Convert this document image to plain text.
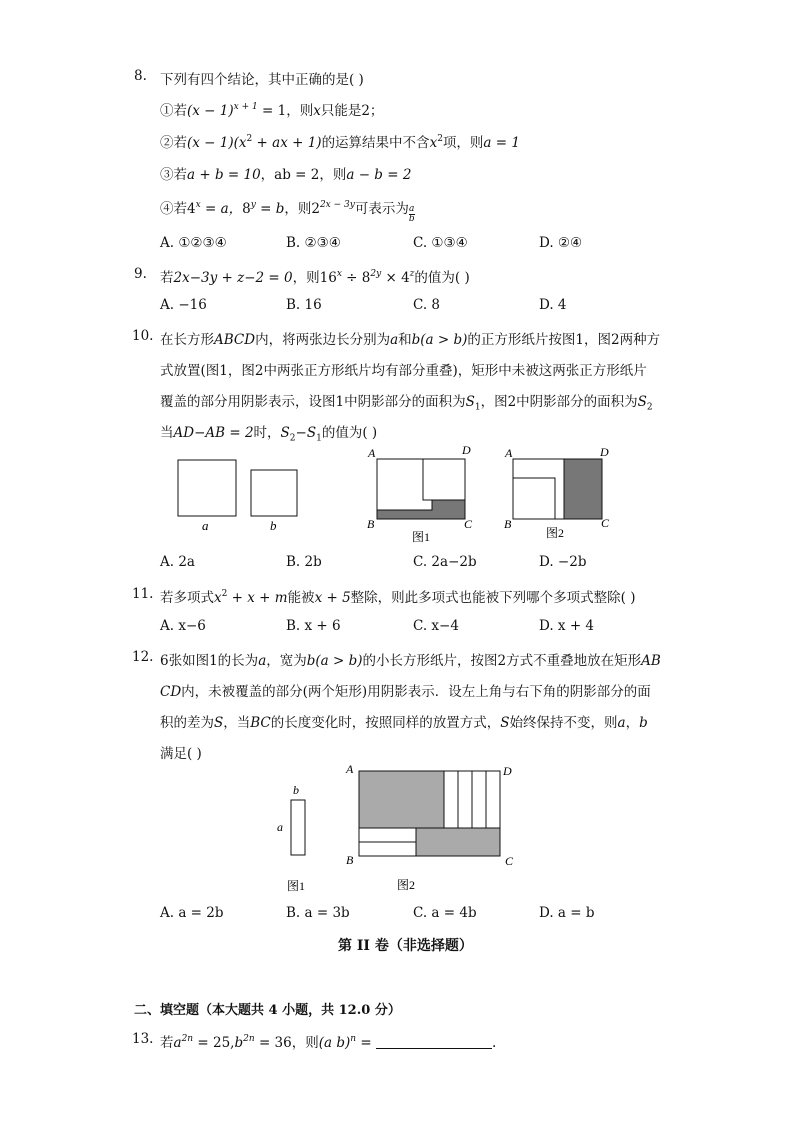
8. 下列有四个结论，其中正确的是( )
①若$(x - 1)^{x + 1} = 1$，则x只能是2；
②若$(x - 1)(x^2$ + ax + 1)的运算结果中不含$x^2$项，则a = 1
③若a + b = 10，ab = 2，则a − b = 2
④若$4^x = a$，$8^y = b$，则$2^{2x - 3y}$可表示为$\frac{a}{b}$
A. ①②③④	B. ②③④	C. ①③④	D. ②④
9. 若2x−3y + z−2 = 0，则$16^x \div 8^{2y} \times 4^z$的值为( )
A. −16	B. 16	C. 8	D. 4
10. 在长方形ABCD内，将两张边长分别为a和b(a > b)的正方形纸片按图1，图2两种方
式放置(图1，图2中两张正方形纸片均有部分重叠)，矩形中未被这两张正方形纸片
覆盖的部分用阴影表示，设图1中阴影部分的面积为$S_1$，图2中阴影部分的面积为$S_2$
当AD−AB = 2时，$S_2-S_1$的值为( )
a	b
A	D
B	C
图1
A	D
B	C
图2
A. 2a	B. 2b	C. 2a−2b	D. −2b
11. 若多项式$x^2 + x + m$能被x + 5整除，则此多项式也能被下列哪个多项式整除( )
A. x−6	B. x + 6	C. x−4	D. x + 4
12. 6张如图1的长为a，宽为b(a > b)的小长方形纸片，按图2方式不重叠地放在矩形AB
CD内，未被覆盖的部分(两个矩形)用阴影表示．设左上角与右下角的阴影部分的面
积的差为S，当BC的长度变化时，按照同样的放置方式，S始终保持不变，则a，b
满足( )
b
a
图1
A	D
B	C
图2
A. a = 2b	B. a = 3b	C. a = 4b	D. a = b
第 II 卷（非选择题）
二、填空题（本大题共 4 小题，共 12.0 分）
13. 若$a^{2n} = 25,b^{2n} = 36$，则(a b)$^n$ =	.
